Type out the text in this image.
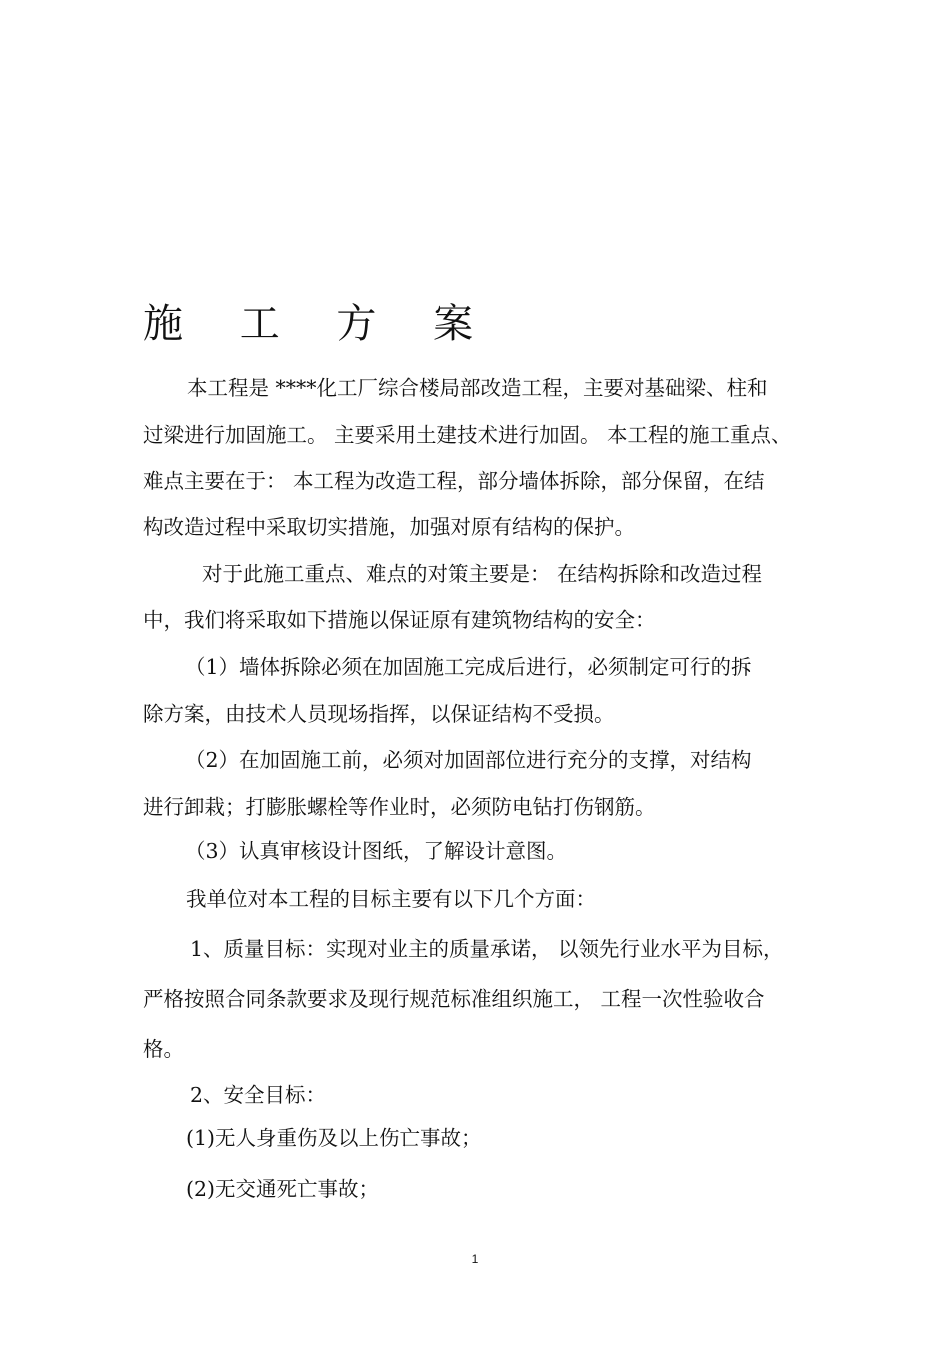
施 工 方 案
本工程是 ****化工厂综合楼局部改造工程，主要对基础梁、柱和
过梁进行加固施工。 主要采用土建技术进行加固。 本工程的施工重点、
难点主要在于： 本工程为改造工程，部分墙体拆除，部分保留，在结
构改造过程中采取切实措施，加强对原有结构的保护。
对于此施工重点、难点的对策主要是： 在结构拆除和改造过程
中，我们将采取如下措施以保证原有建筑物结构的安全：
（1）墙体拆除必须在加固施工完成后进行，必须制定可行的拆
除方案，由技术人员现场指挥，以保证结构不受损。
（2）在加固施工前，必须对加固部位进行充分的支撑，对结构
进行卸栽；打膨胀螺栓等作业时，必须防电钻打伤钢筋。
（3）认真审核设计图纸，了解设计意图。
我单位对本工程的目标主要有以下几个方面：
1、质量目标：实现对业主的质量承诺， 以领先行业水平为目标，
严格按照合同条款要求及现行规范标准组织施工， 工程一次性验收合
格。
2、安全目标：
(1)无人身重伤及以上伤亡事故；
(2)无交通死亡事故；
1
